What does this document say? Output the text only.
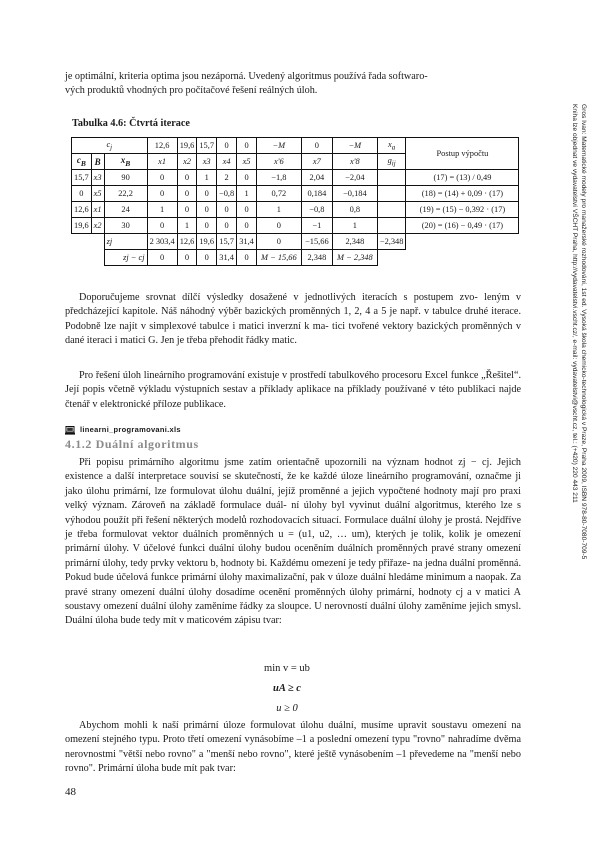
je optimální, kriteria optima jsou nezáporná. Uvedený algoritmus používá řada softwaro-
vých produktů vhodných pro počítačové řešení reálných úloh.

Tabulka 4.6: Čtvrtá iterace

$c_j$			12,6	19,6	15,7	0	0	−M	0	−M	$x_a$	Postup výpočtu
$c_B$	B	$x_B$	x1	x2	x3	x4	x5	x′6	x7	x′8	$g_{ij}$
15,7	x3	90	0	0	1	2	0	−1,8	2,04	−2,04		(17) = (13) / 0,49
0	x5	22,2	0	0	0	−0,8	1	0,72	0,184	−0,184		(18) = (14) + 0,09 · (17)
12,6	x1	24	1	0	0	0	0	1	−0,8	0,8		(19) = (15) − 0,392 · (17)
19,6	x2	30	0	1	0	0	0	0	−1	1		(20) = (16) − 0,49 · (17)
		zj	2 303,4	12,6	19,6	15,7	31,4	0	−15,66	2,348	−2,348	
		zj − cj	0	0	0	31,4	0	M − 15,66	2,348	M − 2,348		

Doporučujeme srovnat dílčí výsledky dosažené v jednotlivých iteracích s postupem zvo- leným v předcházející kapitole. Náš náhodný výběr bazických proměnných 1, 2, 4 a 5 je např. v tabulce druhé iterace. Podobně lze najít v simplexové tabulce i matici inverzní k ma- tici tvořené vektory bazických proměnných v dané iteraci i matici G. Jen je třeba přehodit řádky matic.

Pro řešení úloh lineárního programování existuje v prostředí tabulkového procesoru Excel funkce „Řešitel“. Její popis včetně výkladu výstupních sestav a příklady aplikace na příklady používané v této publikaci najde čtenář v elektronické příloze publikace.

linearni_programovani.xls

4.1.2 Duální algoritmus

Při popisu primárního algoritmu jsme zatím orientačně upozornili na význam hodnot zj − cj. Jejich existence a další interpretace souvisí se skutečností, že ke každé úloze lineárního programování, označme ji jako úlohu primární, lze formulovat úlohu duální, jejíž proměnné a jejich vypočtené hodnoty mají pro praxi velký význam. Zároveň na základě formulace duál- ní úlohy byl vyvinut duální algoritmus, kterého lze s výhodou použít při řešení některých modelů rozhodovacích situací. Formulace duální úlohy je prostá. Nejdříve je třeba formulovat vektor duálních proměnných u = (u1, u2, … um), kterých je tolik, kolik je omezení primární úlohy. V účelové funkci duální úlohy budou oceněním duálních proměnných pravé strany omezení primární úlohy, tedy prvky vektoru b, hodnoty bi. Každému omezení je tedy přiřaze- na jedna duální proměnná. Pokud bude účelová funkce primární úlohy maximalizační, pak v úloze duální hledáme minimum a naopak. Za pravé strany omezení duální úlohy dosadíme ocenění proměnných úlohy primární, hodnoty cj a v matici A soustavy omezení duální úlohy zaměníme řádky za sloupce. U nerovností duální úlohy zaměníme jejich smysl. Duální úloha bude tedy mít v maticovém zápisu tvar:

min v = ub
uA ≥ c
u ≥ 0

Abychom mohli k naší primární úloze formulovat úlohu duální, musíme upravit soustavu omezení na omezení stejného typu. Proto třetí omezení vynásobíme –1 a poslední omezení typu "rovno" nahradíme dvěma nerovnostmi "větší nebo rovno" a "menší nebo rovno", které ještě vynásobením –1 převedeme na "menší nebo rovno". Primární úloha bude mít pak tvar:

48
Gros Ivan: Matematické modely pro manažerské rozhodování, 1st ed. Vysoká škola chemicko-technologická v Praze, Praha 2009, ISBN 978-80-7080-709-5
Kniha lze objednat ve vydavatelství VŠCHT Praha, http://vydavatelstvi.vscht.cz/, e-mail: vydavatelstvi@vscht.cz, tel.: (+420) 220 443 211
